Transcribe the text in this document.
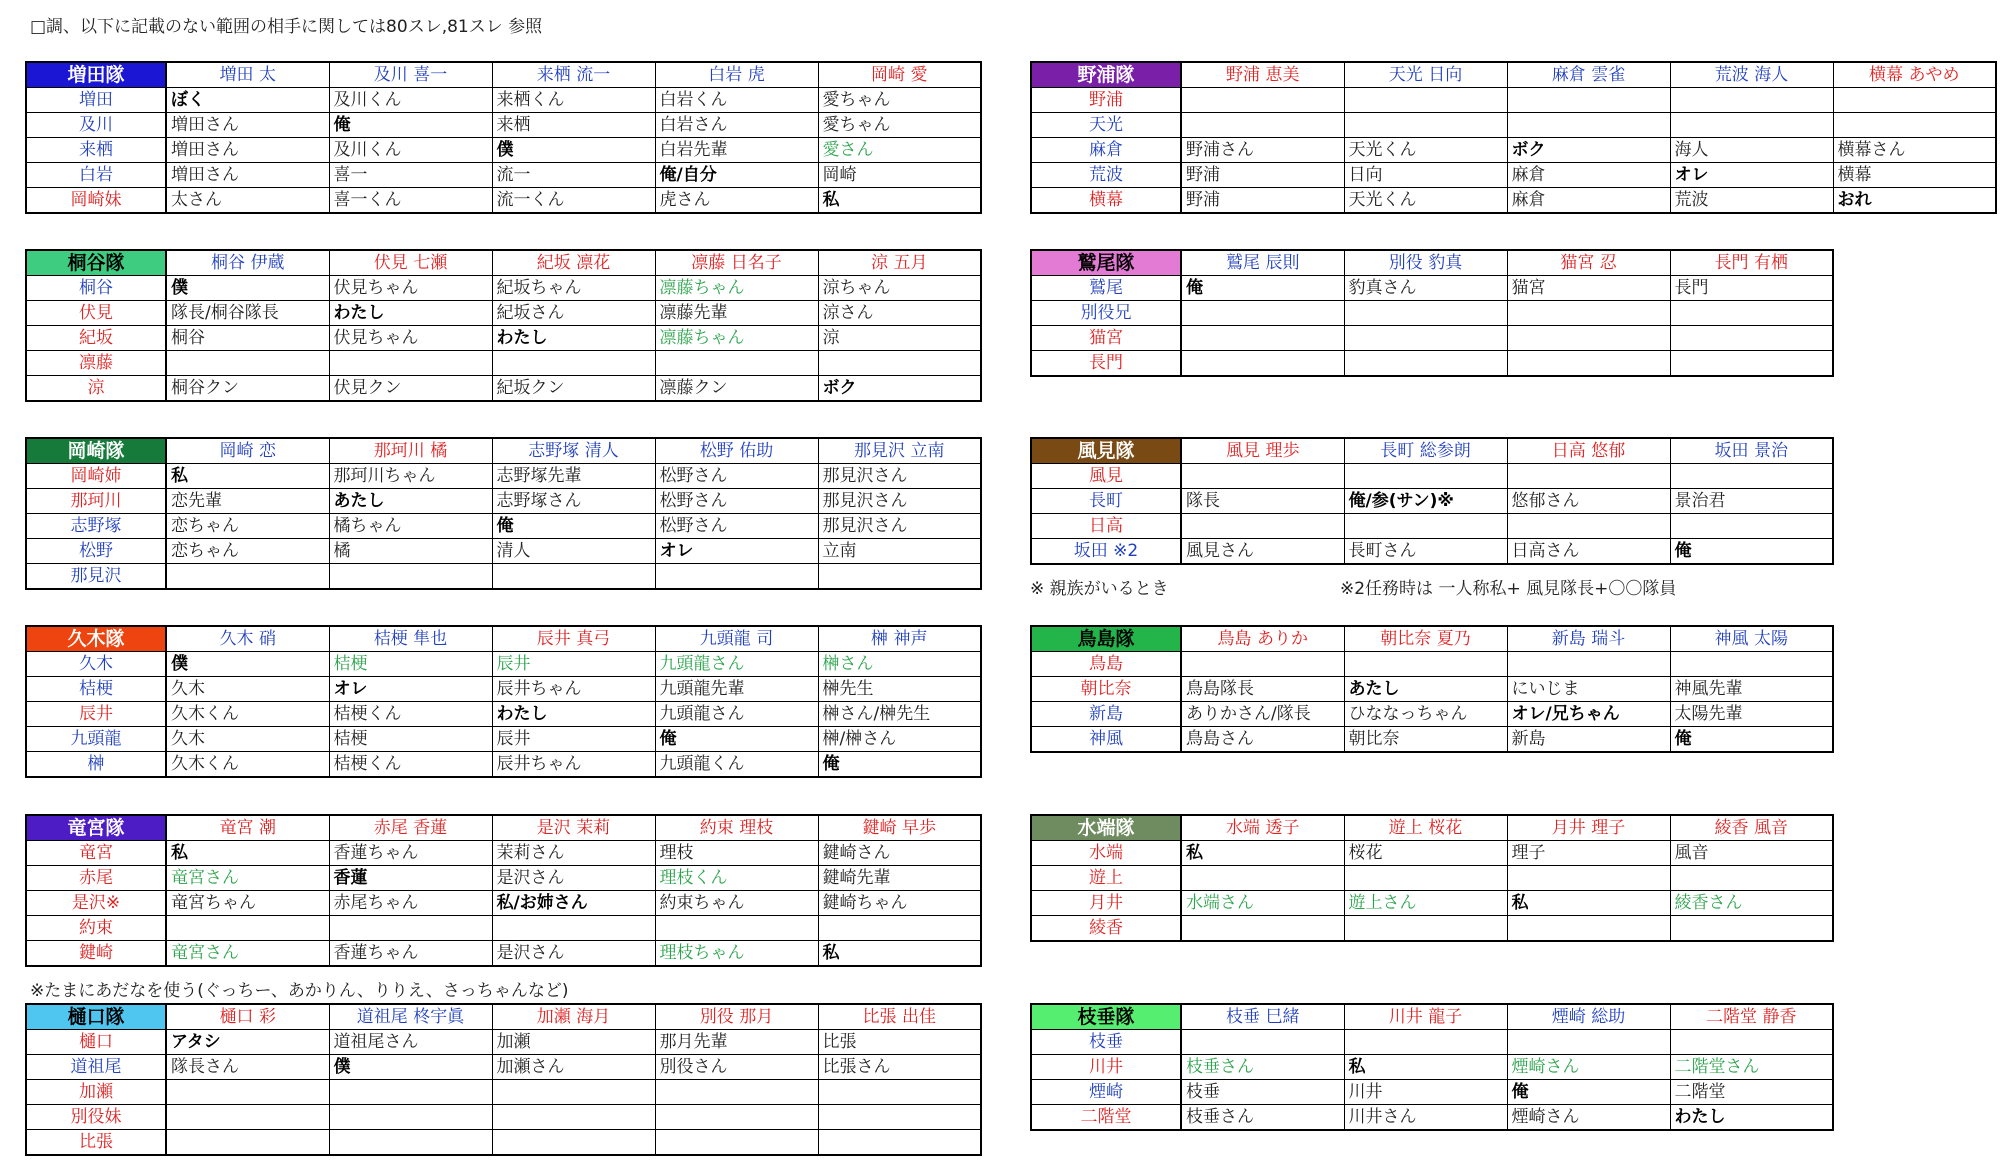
□調、以下に記載のない範囲の相手に関しては80スレ,81スレ 参照
増田隊	増田 太	及川 喜一	来栖 流一	白岩 虎	岡崎 愛
増田	ぼく	及川くん	来栖くん	白岩くん	愛ちゃん
及川	増田さん	俺	来栖	白岩さん	愛ちゃん
来栖	増田さん	及川くん	僕	白岩先輩	愛さん
白岩	増田さん	喜一	流一	俺/自分	岡崎
岡崎妹	太さん	喜一くん	流一くん	虎さん	私
桐谷隊	桐谷 伊蔵	伏見 七瀬	紀坂 凛花	凛藤 日名子	涼 五月
桐谷	僕	伏見ちゃん	紀坂ちゃん	凛藤ちゃん	涼ちゃん
伏見	隊長/桐谷隊長	わたし	紀坂さん	凛藤先輩	涼さん
紀坂	桐谷	伏見ちゃん	わたし	凛藤ちゃん	涼
凛藤					
涼	桐谷クン	伏見クン	紀坂クン	凛藤クン	ボク
岡崎隊	岡崎 恋	那珂川 橘	志野塚 清人	松野 佑助	那見沢 立南
岡崎姉	私	那珂川ちゃん	志野塚先輩	松野さん	那見沢さん
那珂川	恋先輩	あたし	志野塚さん	松野さん	那見沢さん
志野塚	恋ちゃん	橘ちゃん	俺	松野さん	那見沢さん
松野	恋ちゃん	橘	清人	オレ	立南
那見沢					
久木隊	久木 硝	桔梗 隼也	辰井 真弓	九頭龍 司	榊 神声
久木	僕	桔梗	辰井	九頭龍さん	榊さん
桔梗	久木	オレ	辰井ちゃん	九頭龍先輩	榊先生
辰井	久木くん	桔梗くん	わたし	九頭龍さん	榊さん/榊先生
九頭龍	久木	桔梗	辰井	俺	榊/榊さん
榊	久木くん	桔梗くん	辰井ちゃん	九頭龍くん	俺
竜宮隊	竜宮 潮	赤尾 香蓮	是沢 茉莉	約束 理枝	鍵崎 早歩
竜宮	私	香蓮ちゃん	茉莉さん	理枝	鍵崎さん
赤尾	竜宮さん	香蓮	是沢さん	理枝くん	鍵崎先輩
是沢※	竜宮ちゃん	赤尾ちゃん	私/お姉さん	約束ちゃん	鍵崎ちゃん
約束					
鍵崎	竜宮さん	香蓮ちゃん	是沢さん	理枝ちゃん	私
樋口隊	樋口 彩	道祖尾 柊宇眞	加瀬 海月	別役 那月	比張 出佳
樋口	アタシ	道祖尾さん	加瀬	那月先輩	比張
道祖尾	隊長さん	僕	加瀬さん	別役さん	比張さん
加瀬					
別役妹					
比張					
野浦隊	野浦 恵美	天光 日向	麻倉 雲雀	荒波 海人	横幕 あやめ
野浦					
天光					
麻倉	野浦さん	天光くん	ボク	海人	横幕さん
荒波	野浦	日向	麻倉	オレ	横幕
横幕	野浦	天光くん	麻倉	荒波	おれ
鷲尾隊	鷲尾 辰則	別役 豹真	猫宮 忍	長門 有栖
鷲尾	俺	豹真さん	猫宮	長門
別役兄				
猫宮				
長門				
風見隊	風見 理歩	長町 総参朗	日高 悠郁	坂田 景治
風見				
長町	隊長	俺/参(サン)※	悠郁さん	景治君
日高				
坂田 ※2	風見さん	長町さん	日高さん	俺
鳥島隊	鳥島 ありか	朝比奈 夏乃	新島 瑞斗	神風 太陽
鳥島				
朝比奈	鳥島隊長	あたし	にいじま	神風先輩
新島	ありかさん/隊長	ひななっちゃん	オレ/兄ちゃん	太陽先輩
神風	鳥島さん	朝比奈	新島	俺
水端隊	水端 透子	遊上 桜花	月井 理子	綾香 風音
水端	私	桜花	理子	風音
遊上				
月井	水端さん	遊上さん	私	綾香さん
綾香				
枝垂隊	枝垂 巳緒	川井 龍子	煙崎 総助	二階堂 静香
枝垂				
川井	枝垂さん	私	煙崎さん	二階堂さん
煙崎	枝垂	川井	俺	二階堂
二階堂	枝垂さん	川井さん	煙崎さん	わたし
※たまにあだなを使う(ぐっちー、あかりん、りりえ、さっちゃんなど)
※ 親族がいるとき	※2任務時は 一人称私+ 風見隊長+〇〇隊員
